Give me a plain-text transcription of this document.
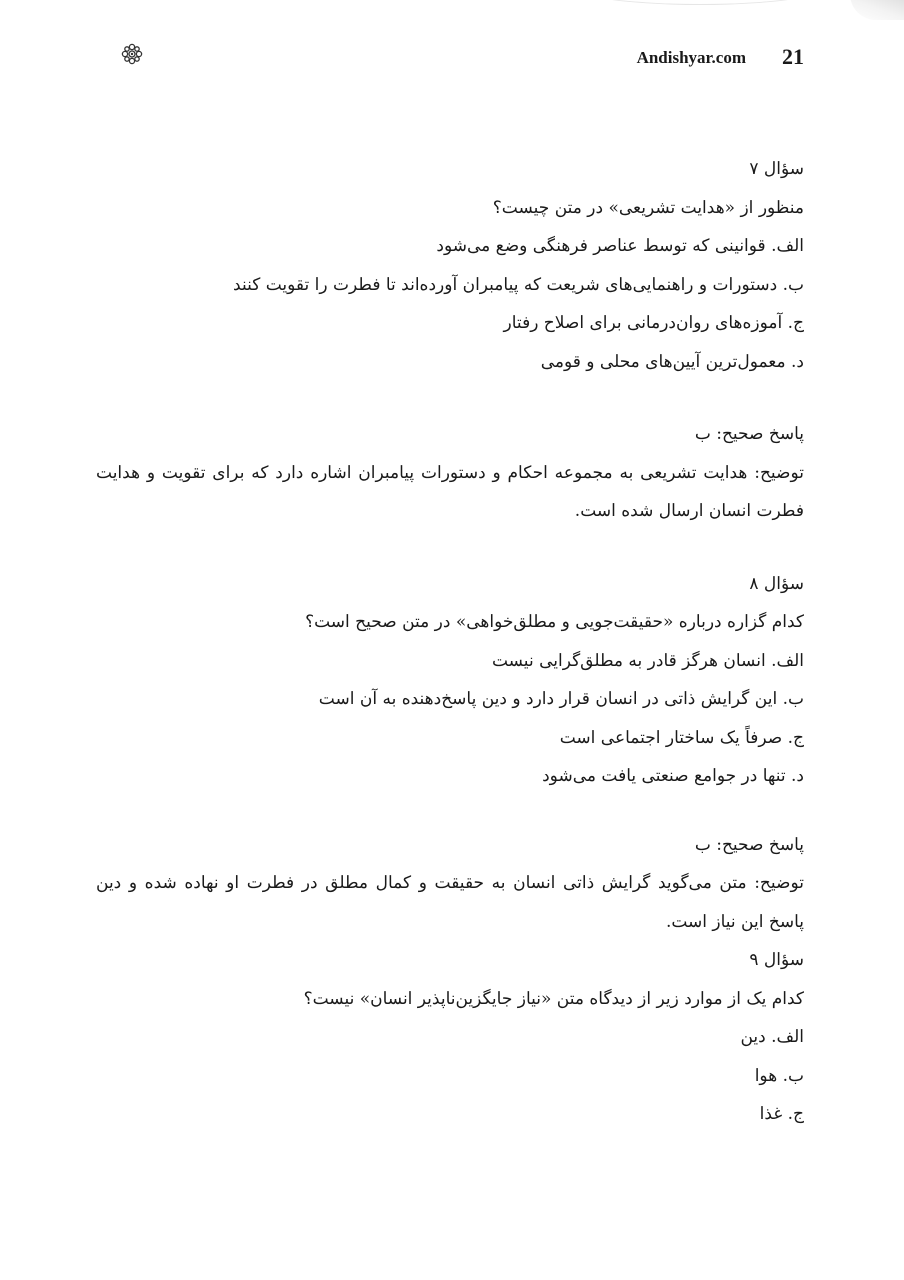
Andishyar.com 21
سؤال ۷
منظور از «هدایت تشریعی» در متن چیست؟
الف. قوانینی که توسط عناصر فرهنگی وضع می‌شود
ب. دستورات و راهنمایی‌های شریعت که پیامبران آورده‌اند تا فطرت را تقویت کنند
ج. آموزه‌های روان‌درمانی برای اصلاح رفتار
د. معمول‌ترین آیین‌های محلی و قومی
پاسخ صحیح: ب
توضیح: هدایت تشریعی به مجموعه احکام و دستورات پیامبران اشاره دارد که برای تقویت و هدایت فطرت انسان ارسال شده است.
سؤال ۸
کدام گزاره درباره «حقیقت‌جویی و مطلق‌خواهی» در متن صحیح است؟
الف. انسان هرگز قادر به مطلق‌گرایی نیست
ب. این گرایش ذاتی در انسان قرار دارد و دین پاسخ‌دهنده به آن است
ج. صرفاً یک ساختار اجتماعی است
د. تنها در جوامع صنعتی یافت می‌شود
پاسخ صحیح: ب
توضیح: متن می‌گوید گرایش ذاتی انسان به حقیقت و کمال مطلق در فطرت او نهاده شده و دین پاسخ این نیاز است.
سؤال ۹
کدام یک از موارد زیر از دیدگاه متن «نیاز جایگزین‌ناپذیر انسان» نیست؟
الف. دین
ب. هوا
ج. غذا
